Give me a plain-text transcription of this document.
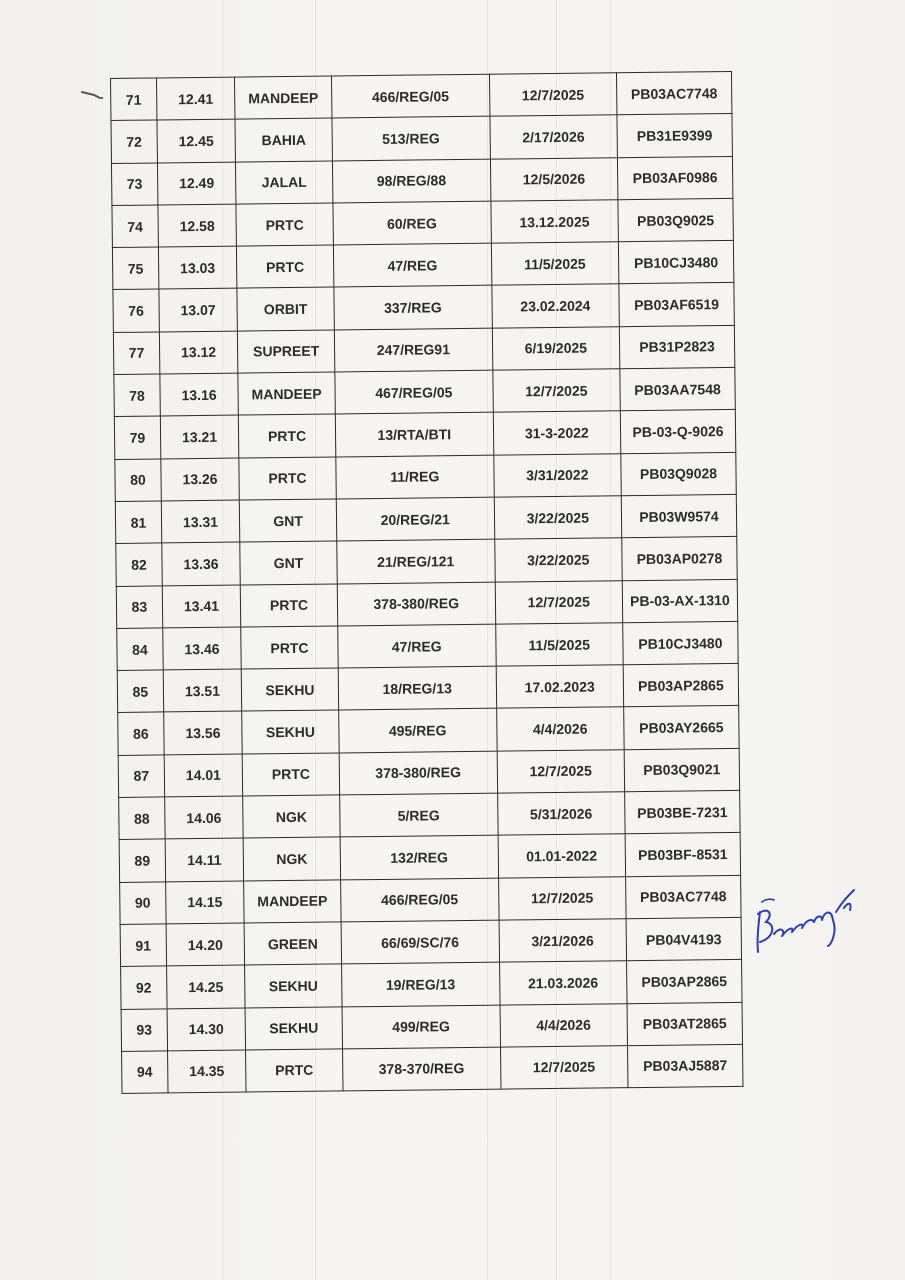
71	12.41	MANDEEP	466/REG/05	12/7/2025	PB03AC7748
72	12.45	BAHIA	513/REG	2/17/2026	PB31E9399
73	12.49	JALAL	98/REG/88	12/5/2026	PB03AF0986
74	12.58	PRTC	60/REG	13.12.2025	PB03Q9025
75	13.03	PRTC	47/REG	11/5/2025	PB10CJ3480
76	13.07	ORBIT	337/REG	23.02.2024	PB03AF6519
77	13.12	SUPREET	247/REG91	6/19/2025	PB31P2823
78	13.16	MANDEEP	467/REG/05	12/7/2025	PB03AA7548
79	13.21	PRTC	13/RTA/BTI	31-3-2022	PB-03-Q-9026
80	13.26	PRTC	11/REG	3/31/2022	PB03Q9028
81	13.31	GNT	20/REG/21	3/22/2025	PB03W9574
82	13.36	GNT	21/REG/121	3/22/2025	PB03AP0278
83	13.41	PRTC	378-380/REG	12/7/2025	PB-03-AX-1310
84	13.46	PRTC	47/REG	11/5/2025	PB10CJ3480
85	13.51	SEKHU	18/REG/13	17.02.2023	PB03AP2865
86	13.56	SEKHU	495/REG	4/4/2026	PB03AY2665
87	14.01	PRTC	378-380/REG	12/7/2025	PB03Q9021
88	14.06	NGK	5/REG	5/31/2026	PB03BE-7231
89	14.11	NGK	132/REG	01.01-2022	PB03BF-8531
90	14.15	MANDEEP	466/REG/05	12/7/2025	PB03AC7748
91	14.20	GREEN	66/69/SC/76	3/21/2026	PB04V4193
92	14.25	SEKHU	19/REG/13	21.03.2026	PB03AP2865
93	14.30	SEKHU	499/REG	4/4/2026	PB03AT2865
94	14.35	PRTC	378-370/REG	12/7/2025	PB03AJ5887
